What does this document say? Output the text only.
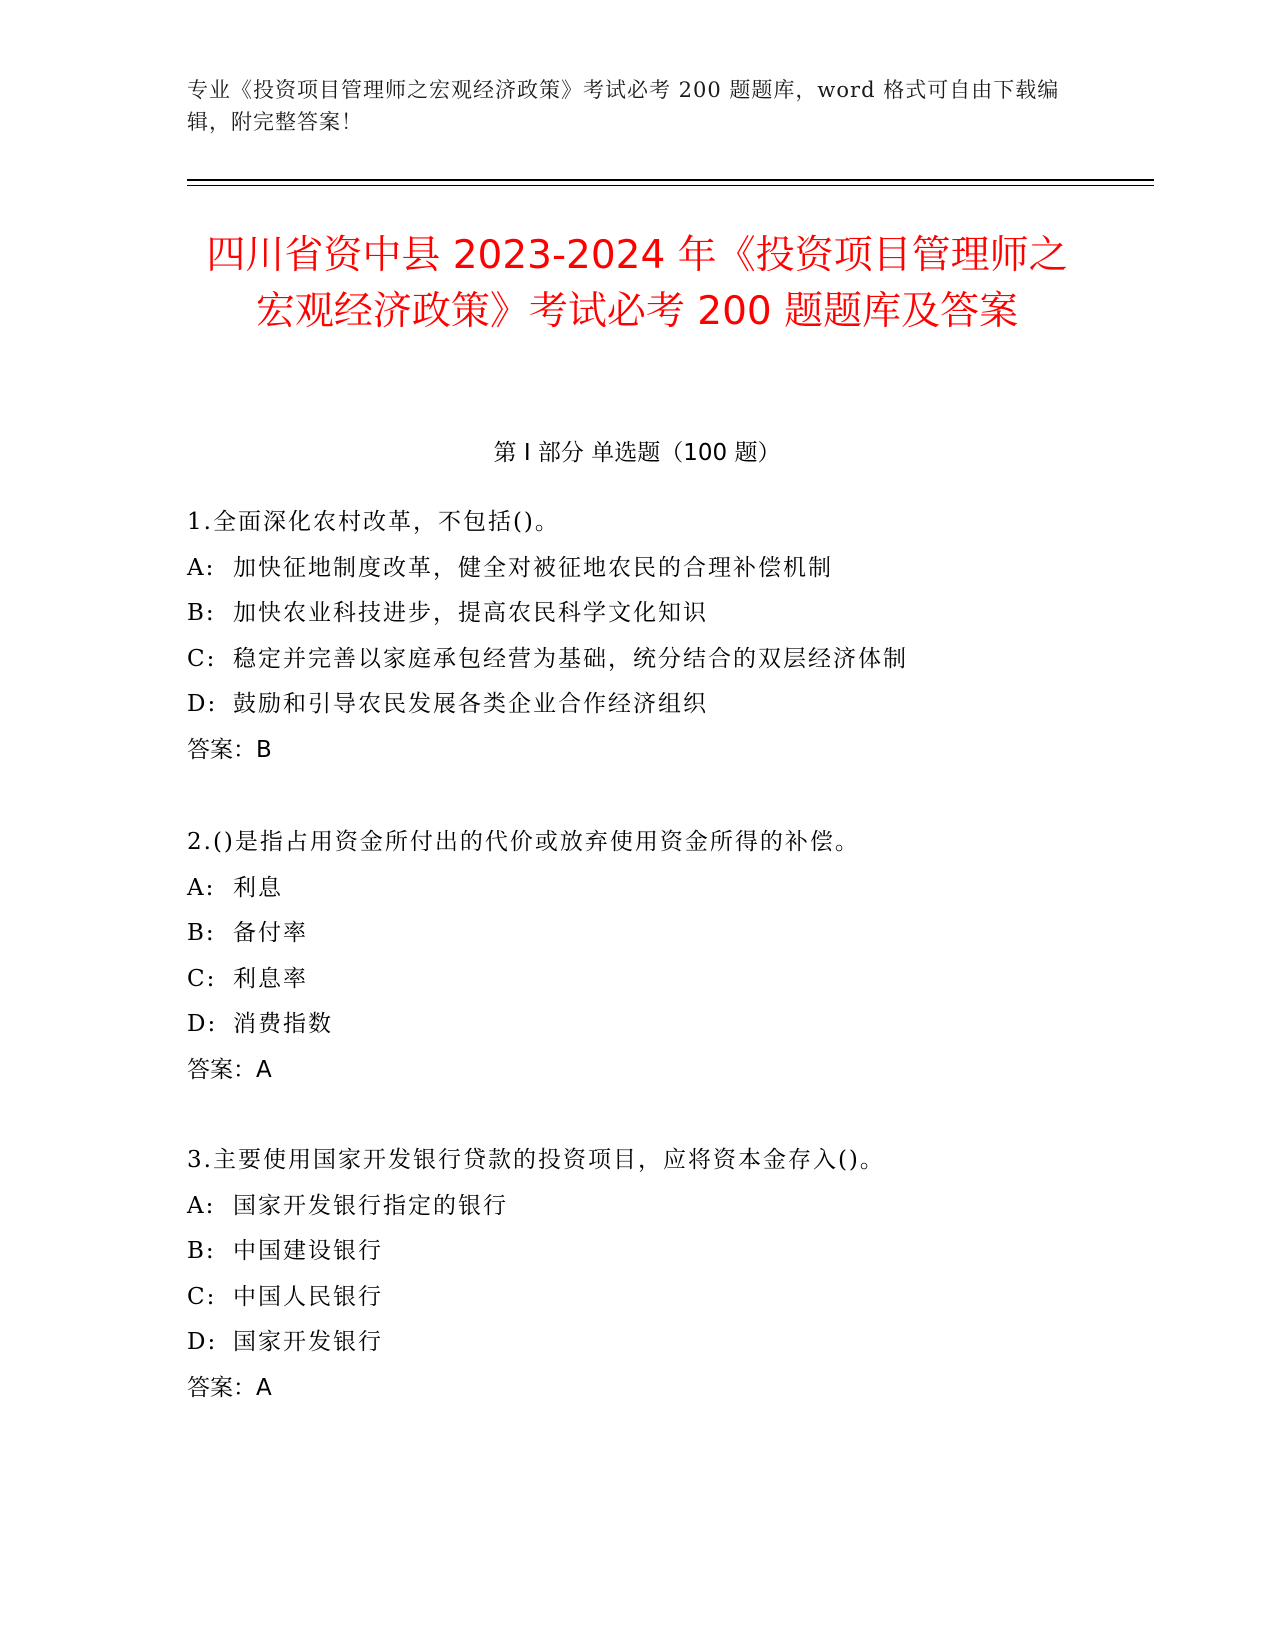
专业《投资项目管理师之宏观经济政策》考试必考 200 题题库，word 格式可自由下载编辑，附完整答案！
四川省资中县 2023-2024 年《投资项目管理师之宏观经济政策》考试必考 200 题题库及答案
第 I 部分 单选题（100 题）
1.全面深化农村改革，不包括()。
A: 加快征地制度改革，健全对被征地农民的合理补偿机制
B: 加快农业科技进步，提高农民科学文化知识
C: 稳定并完善以家庭承包经营为基础，统分结合的双层经济体制
D: 鼓励和引导农民发展各类企业合作经济组织
答案：B
2.()是指占用资金所付出的代价或放弃使用资金所得的补偿。
A: 利息
B: 备付率
C: 利息率
D: 消费指数
答案：A
3.主要使用国家开发银行贷款的投资项目，应将资本金存入()。
A: 国家开发银行指定的银行
B: 中国建设银行
C: 中国人民银行
D: 国家开发银行
答案：A
